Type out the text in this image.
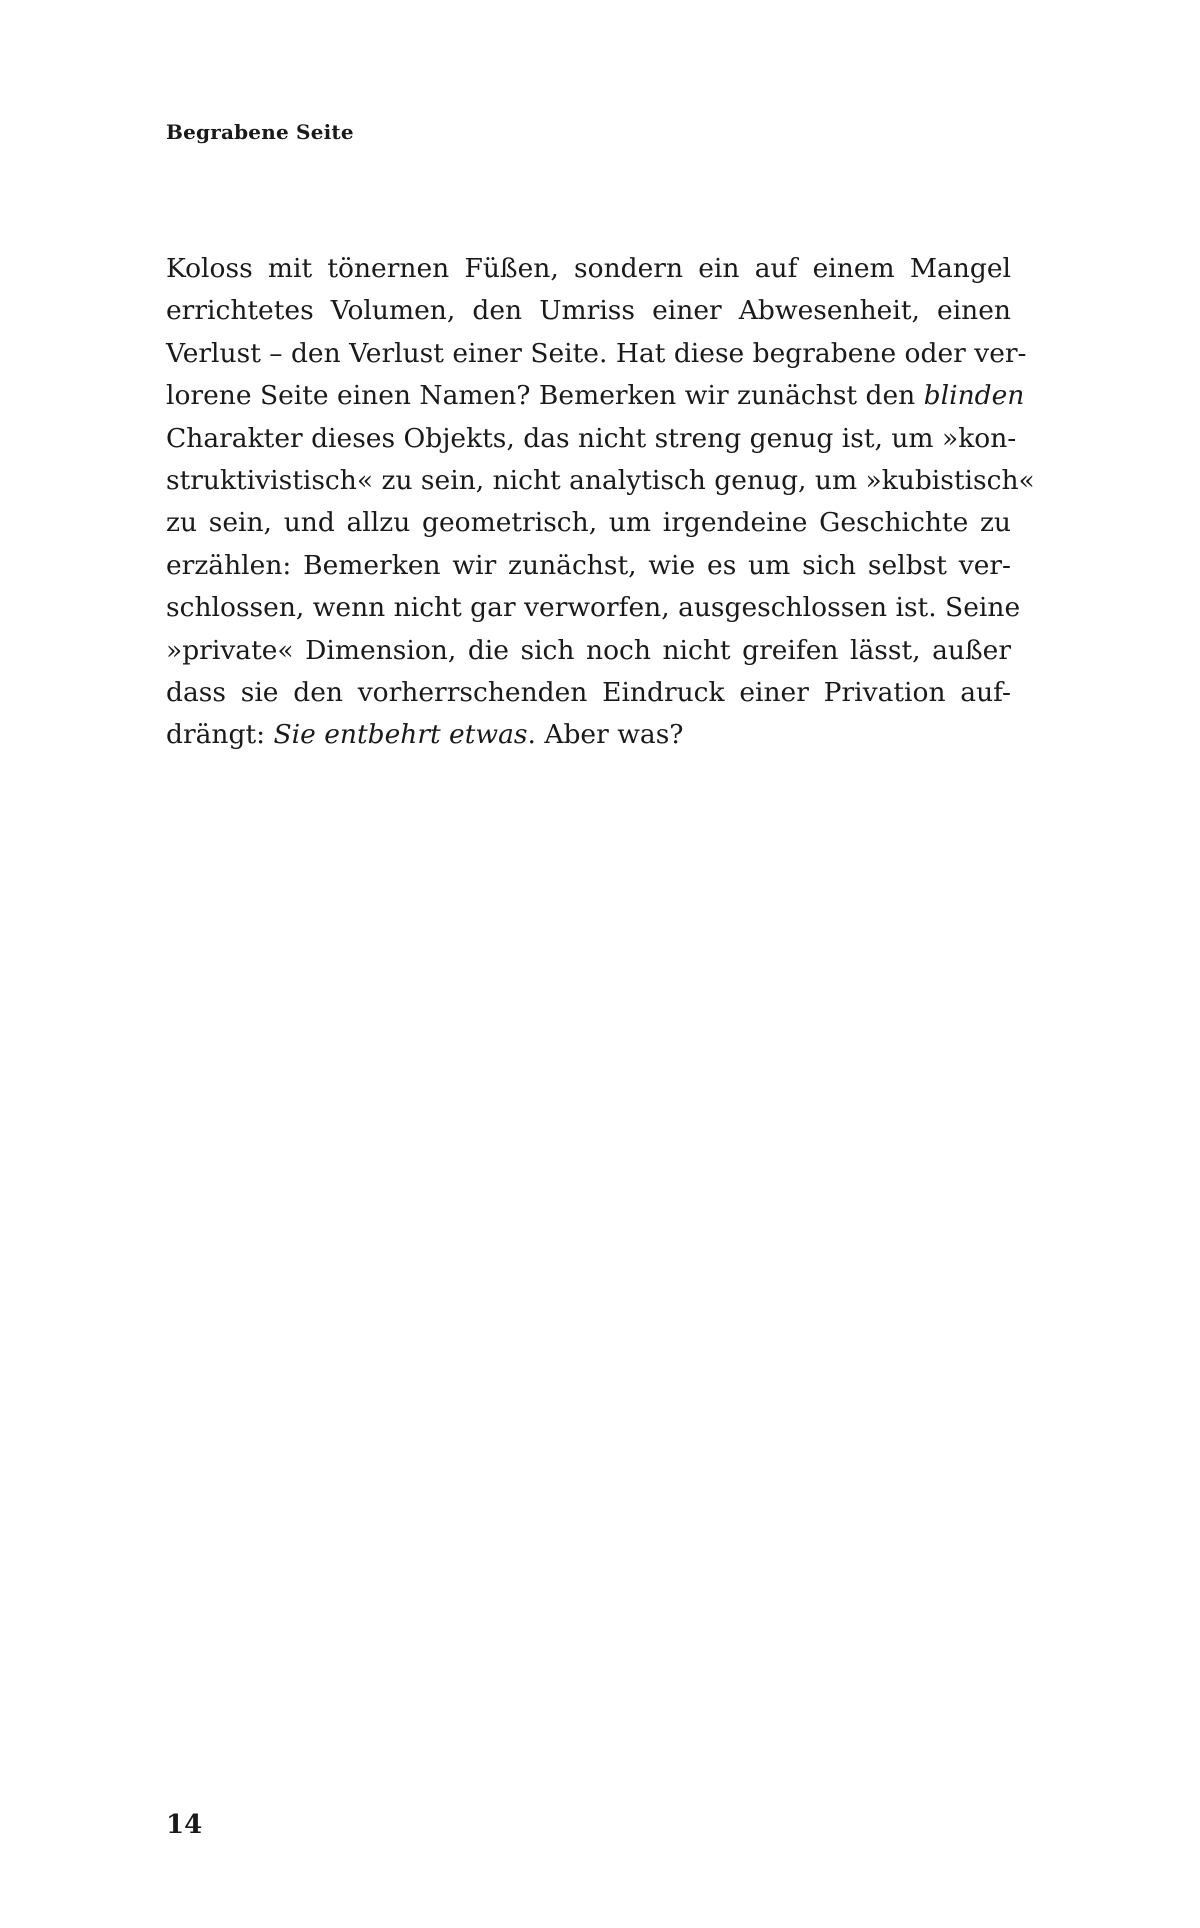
Begrabene Seite
Koloss mit tönernen Füßen, sondern ein auf einem Mangel
errichtetes Volumen, den Umriss einer Abwesenheit, einen
Verlust – den Verlust einer Seite. Hat diese begrabene oder ver-
lorene Seite einen Namen? Bemerken wir zunächst den blinden
Charakter dieses Objekts, das nicht streng genug ist, um »kon-
struktivistisch« zu sein, nicht analytisch genug, um »kubistisch«
zu sein, und allzu geometrisch, um irgendeine Geschichte zu
erzählen: Bemerken wir zunächst, wie es um sich selbst ver-
schlossen, wenn nicht gar verworfen, ausgeschlossen ist. Seine
»private« Dimension, die sich noch nicht greifen lässt, außer
dass sie den vorherrschenden Eindruck einer Privation auf-
drängt: Sie entbehrt etwas. Aber was?
14
